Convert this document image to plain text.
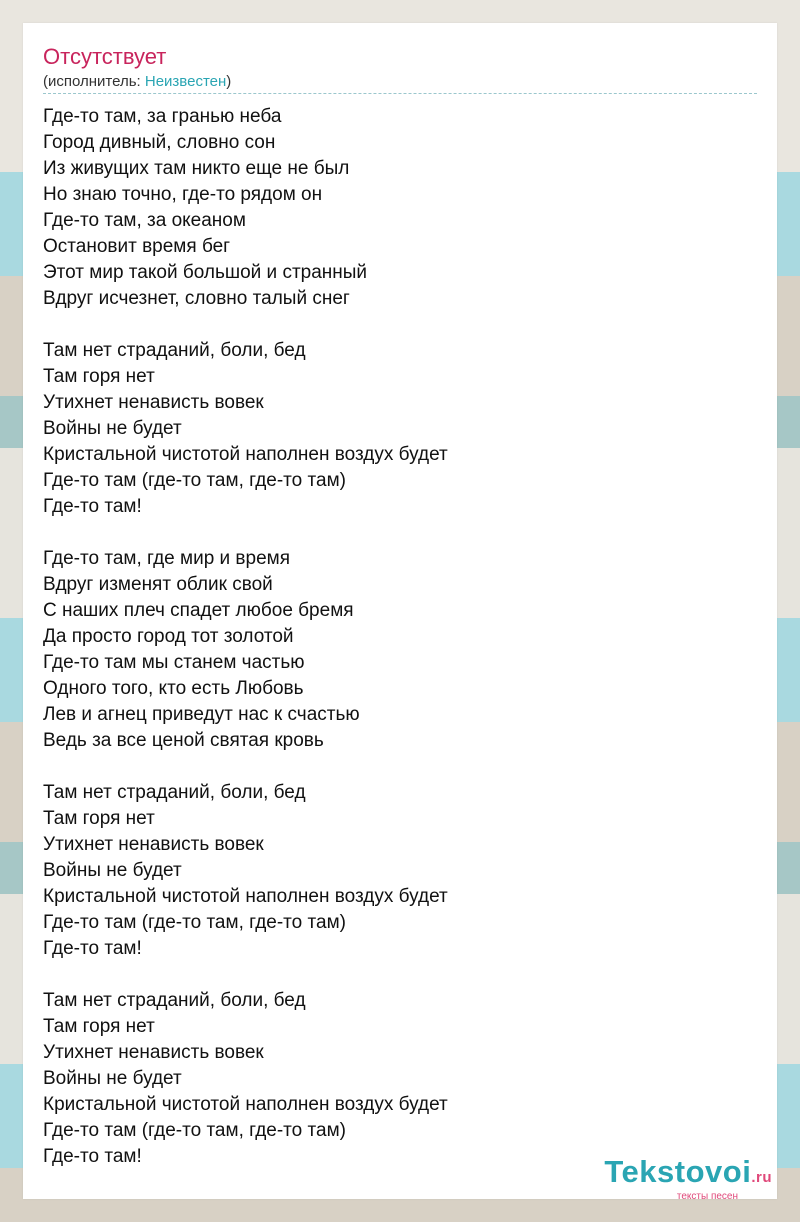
Отсутствует
(исполнитель: Неизвестен)
Где-то там, за гранью неба
Город дивный, словно сон
Из живущих там никто еще не был
Но знаю точно, где-то рядом он
Где-то там, за океаном
Остановит время бег
Этот мир такой большой и странный
Вдруг исчезнет, словно талый снег
Там нет страданий, боли, бед
Там горя нет
Утихнет ненависть вовек
Войны не будет
Кристальной чистотой наполнен воздух будет
Где-то там (где-то там, где-то там)
Где-то там!
Где-то там, где мир и время
Вдруг изменят облик свой
С наших плеч спадет любое бремя
Да просто город тот золотой
Где-то там мы станем частью
Одного того, кто есть Любовь
Лев и агнец приведут нас к счастью
Ведь за все ценой святая кровь
Там нет страданий, боли, бед
Там горя нет
Утихнет ненависть вовек
Войны не будет
Кристальной чистотой наполнен воздух будет
Где-то там (где-то там, где-то там)
Где-то там!
Там нет страданий, боли, бед
Там горя нет
Утихнет ненависть вовек
Войны не будет
Кристальной чистотой наполнен воздух будет
Где-то там (где-то там, где-то там)
Где-то там!	Tekstovoi.ru
тексты песен
